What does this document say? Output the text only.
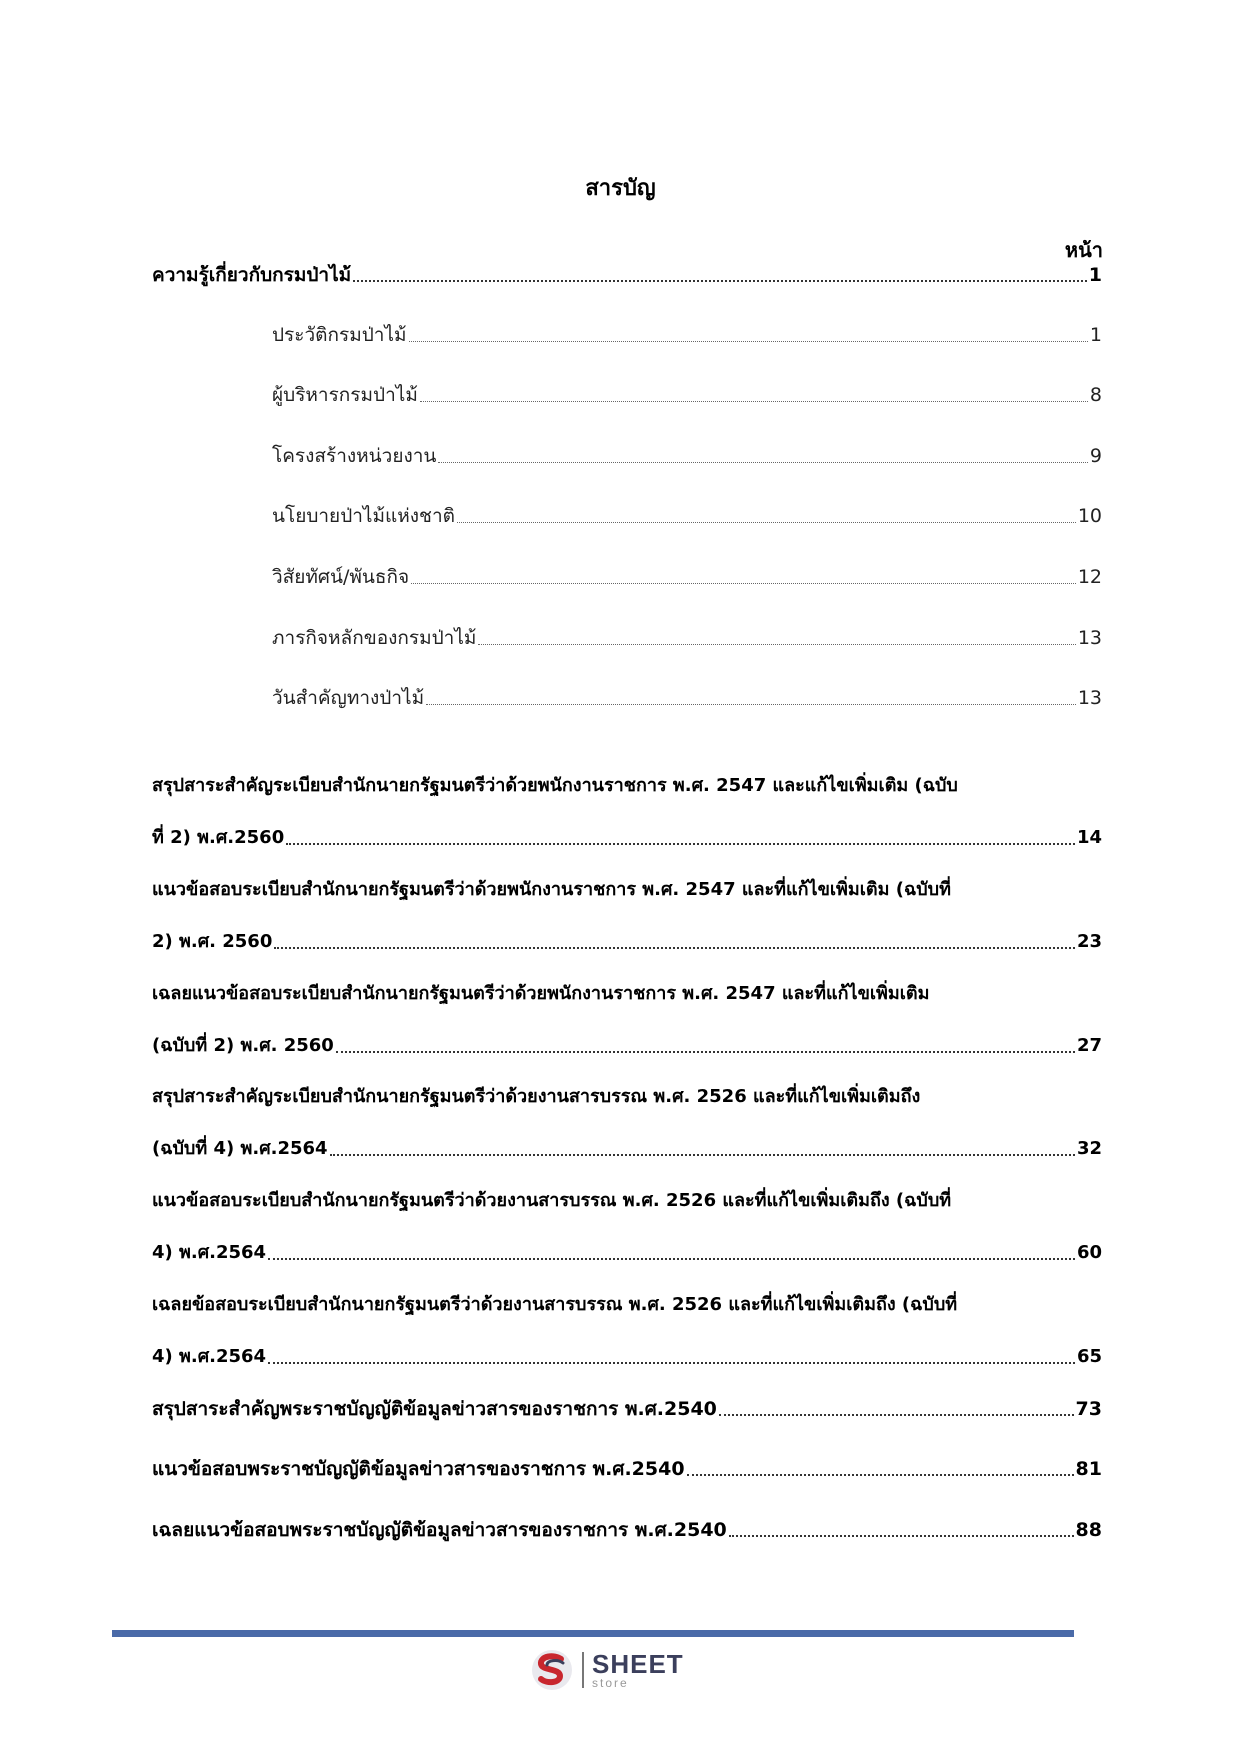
สารบัญ
หน้า
ความรู้เกี่ยวกับกรมป่าไม้	1
ประวัติกรมป่าไม้	1
ผู้บริหารกรมป่าไม้	8
โครงสร้างหน่วยงาน	9
นโยบายป่าไม้แห่งชาติ	10
วิสัยทัศน์/พันธกิจ	12
ภารกิจหลักของกรมป่าไม้	13
วันสำคัญทางป่าไม้	13
สรุปสาระสำคัญระเบียบสำนักนายกรัฐมนตรีว่าด้วยพนักงานราชการ พ.ศ. 2547 และแก้ไขเพิ่มเติม (ฉบับ
ที่ 2) พ.ศ.2560	14
แนวข้อสอบระเบียบสำนักนายกรัฐมนตรีว่าด้วยพนักงานราชการ พ.ศ. 2547 และที่แก้ไขเพิ่มเติม (ฉบับที่
2) พ.ศ. 2560	23
เฉลยแนวข้อสอบระเบียบสำนักนายกรัฐมนตรีว่าด้วยพนักงานราชการ พ.ศ. 2547 และที่แก้ไขเพิ่มเติม
(ฉบับที่ 2) พ.ศ. 2560	27
สรุปสาระสำคัญระเบียบสำนักนายกรัฐมนตรีว่าด้วยงานสารบรรณ พ.ศ. 2526 และที่แก้ไขเพิ่มเติมถึง
(ฉบับที่ 4) พ.ศ.2564	32
แนวข้อสอบระเบียบสำนักนายกรัฐมนตรีว่าด้วยงานสารบรรณ พ.ศ. 2526 และที่แก้ไขเพิ่มเติมถึง (ฉบับที่
4) พ.ศ.2564	60
เฉลยข้อสอบระเบียบสำนักนายกรัฐมนตรีว่าด้วยงานสารบรรณ พ.ศ. 2526 และที่แก้ไขเพิ่มเติมถึง (ฉบับที่
4) พ.ศ.2564	65
สรุปสาระสำคัญพระราชบัญญัติข้อมูลข่าวสารของราชการ พ.ศ.2540	73
แนวข้อสอบพระราชบัญญัติข้อมูลข่าวสารของราชการ พ.ศ.2540	81
เฉลยแนวข้อสอบพระราชบัญญัติข้อมูลข่าวสารของราชการ พ.ศ.2540	88
SHEET
store
